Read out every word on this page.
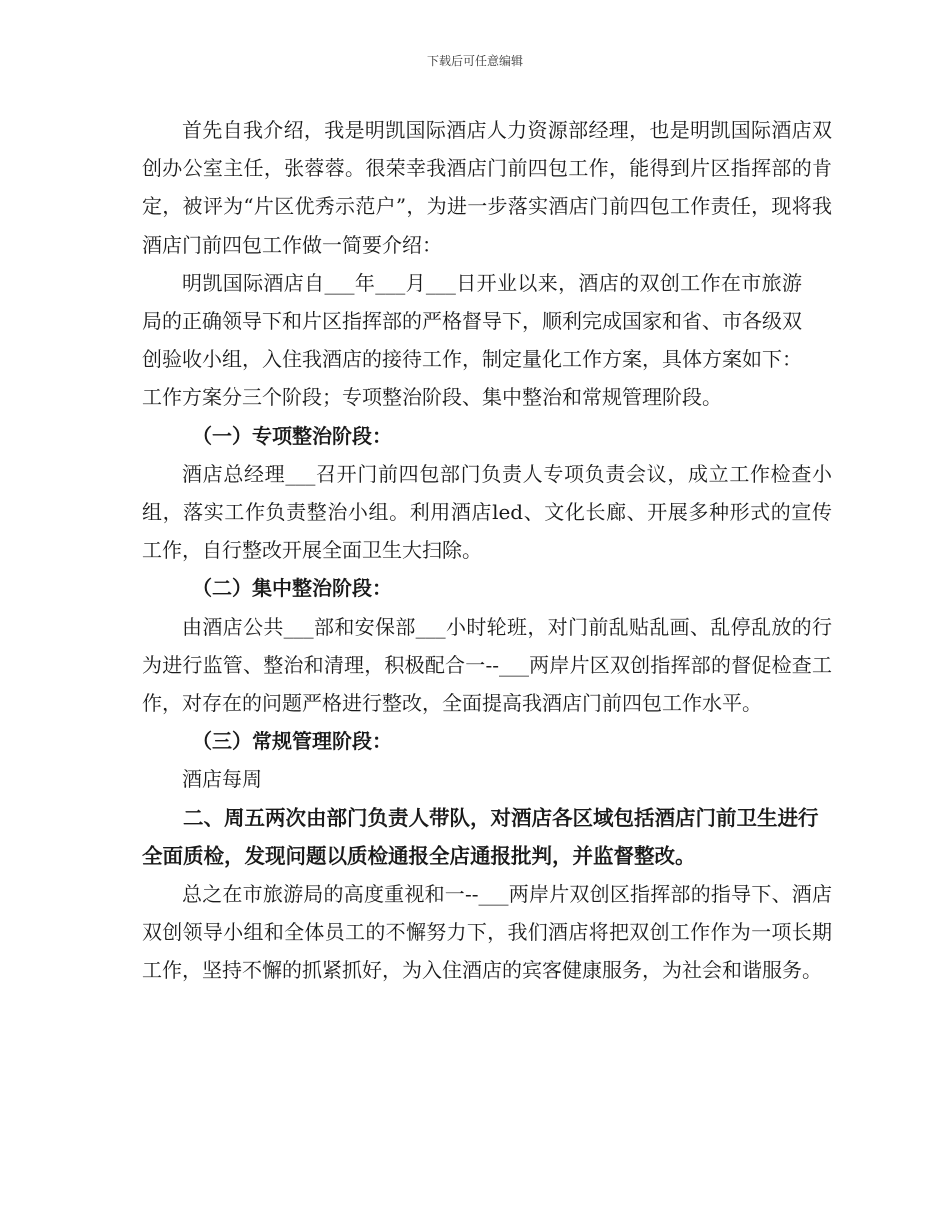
下载后可任意编辑

首先自我介绍，我是明凯国际酒店人力资源部经理，也是明凯国际酒店双创办公室主任，张蓉蓉。很荣幸我酒店门前四包工作，能得到片区指挥部的肯定，被评为“片区优秀示范户”，为进一步落实酒店门前四包工作责任，现将我酒店门前四包工作做一简要介绍：

明凯国际酒店自___年___月___日开业以来，酒店的双创工作在市旅游局的正确领导下和片区指挥部的严格督导下，顺利完成国家和省、市各级双创验收小组，入住我酒店的接待工作，制定量化工作方案，具体方案如下：工作方案分三个阶段；专项整治阶段、集中整治和常规管理阶段。

（一）专项整治阶段：

酒店总经理___召开门前四包部门负责人专项负责会议，成立工作检查小组，落实工作负责整治小组。利用酒店led、文化长廊、开展多种形式的宣传工作，自行整改开展全面卫生大扫除。

（二）集中整治阶段：

由酒店公共___部和安保部___小时轮班，对门前乱贴乱画、乱停乱放的行为进行监管、整治和清理，积极配合一--___两岸片区双创指挥部的督促检查工作，对存在的问题严格进行整改，全面提高我酒店门前四包工作水平。

（三）常规管理阶段：

酒店每周

二、周五两次由部门负责人带队，对酒店各区域包括酒店门前卫生进行全面质检，发现问题以质检通报全店通报批判，并监督整改。

总之在市旅游局的高度重视和一--___两岸片双创区指挥部的指导下、酒店双创领导小组和全体员工的不懈努力下，我们酒店将把双创工作作为一项长期工作，坚持不懈的抓紧抓好，为入住酒店的宾客健康服务，为社会和谐服务。
